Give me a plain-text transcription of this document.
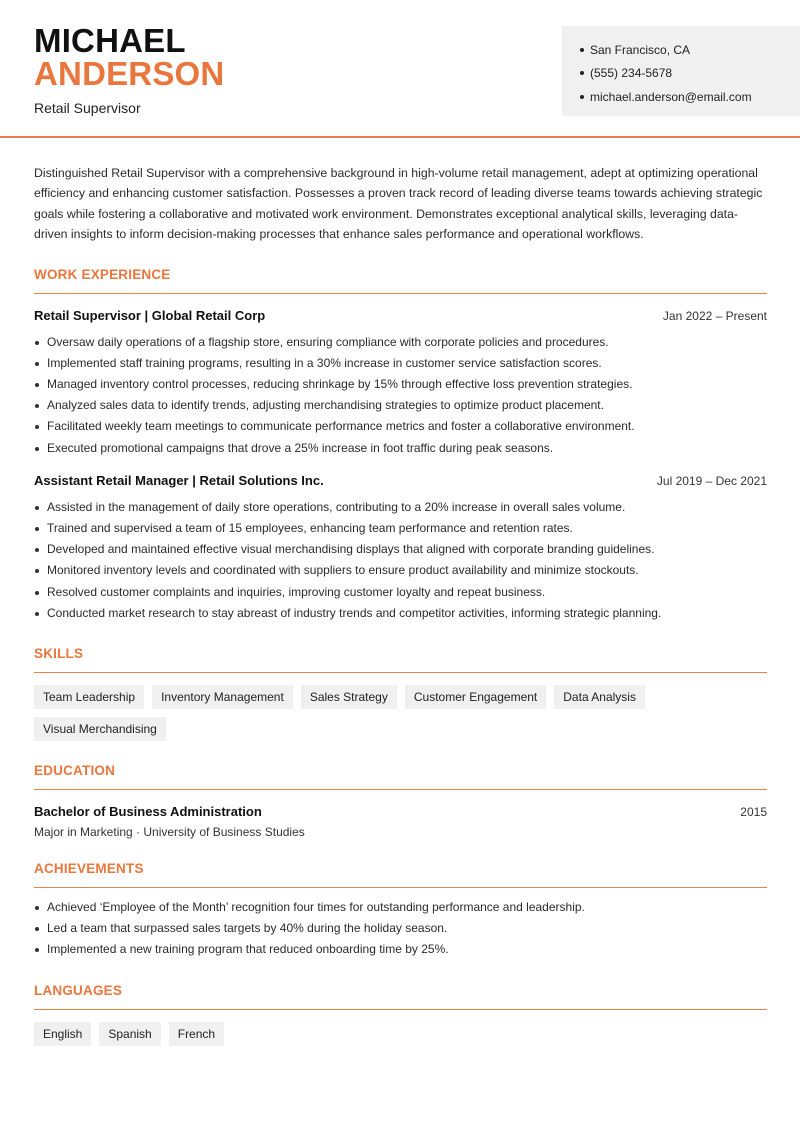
MICHAEL
ANDERSON
Retail Supervisor
San Francisco, CA
(555) 234-5678
michael.anderson@email.com

Distinguished Retail Supervisor with a comprehensive background in high-volume retail management, adept at optimizing operational efficiency and enhancing customer satisfaction. Possesses a proven track record of leading diverse teams towards achieving strategic goals while fostering a collaborative and motivated work environment. Demonstrates exceptional analytical skills, leveraging data-driven insights to inform decision-making processes that enhance sales performance and operational workflows.

WORK EXPERIENCE
Retail Supervisor | Global Retail Corp	Jan 2022 – Present
Oversaw daily operations of a flagship store, ensuring compliance with corporate policies and procedures.
Implemented staff training programs, resulting in a 30% increase in customer service satisfaction scores.
Managed inventory control processes, reducing shrinkage by 15% through effective loss prevention strategies.
Analyzed sales data to identify trends, adjusting merchandising strategies to optimize product placement.
Facilitated weekly team meetings to communicate performance metrics and foster a collaborative environment.
Executed promotional campaigns that drove a 25% increase in foot traffic during peak seasons.
Assistant Retail Manager | Retail Solutions Inc.	Jul 2019 – Dec 2021
Assisted in the management of daily store operations, contributing to a 20% increase in overall sales volume.
Trained and supervised a team of 15 employees, enhancing team performance and retention rates.
Developed and maintained effective visual merchandising displays that aligned with corporate branding guidelines.
Monitored inventory levels and coordinated with suppliers to ensure product availability and minimize stockouts.
Resolved customer complaints and inquiries, improving customer loyalty and repeat business.
Conducted market research to stay abreast of industry trends and competitor activities, informing strategic planning.
SKILLS
Team Leadership	Inventory Management	Sales Strategy	Customer Engagement	Data Analysis
Visual Merchandising
EDUCATION
Bachelor of Business Administration	2015
Major in Marketing · University of Business Studies
ACHIEVEMENTS
Achieved ‘Employee of the Month’ recognition four times for outstanding performance and leadership.
Led a team that surpassed sales targets by 40% during the holiday season.
Implemented a new training program that reduced onboarding time by 25%.
LANGUAGES
English	Spanish	French
